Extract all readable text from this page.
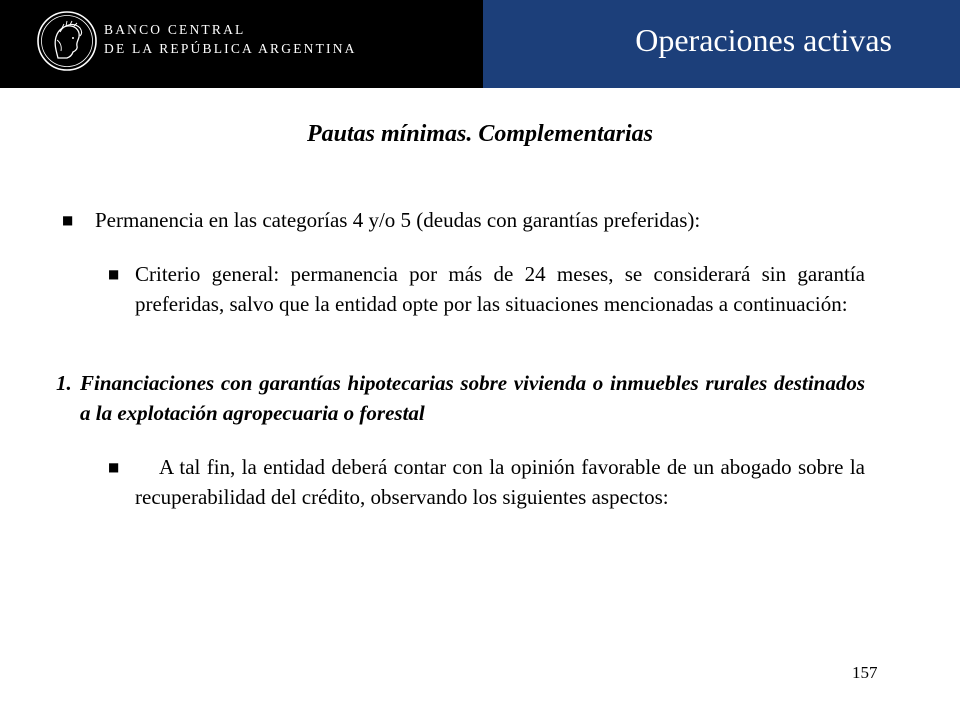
BANCO CENTRAL
DE LA REPÚBLICA ARGENTINA	Operaciones activas
Pautas mínimas. Complementarias
■ Permanencia en las categorías 4 y/o 5 (deudas con garantías preferidas):
■ Criterio general: permanencia por más de 24 meses, se considerará sin garantía preferidas, salvo que la entidad opte por las situaciones mencionadas a continuación:
1. Financiaciones con garantías hipotecarias sobre vivienda o inmuebles rurales destinados a la explotación agropecuaria o forestal
■	A tal fin, la entidad deberá contar con la opinión favorable de un abogado sobre la recuperabilidad del crédito, observando los siguientes aspectos:
157
